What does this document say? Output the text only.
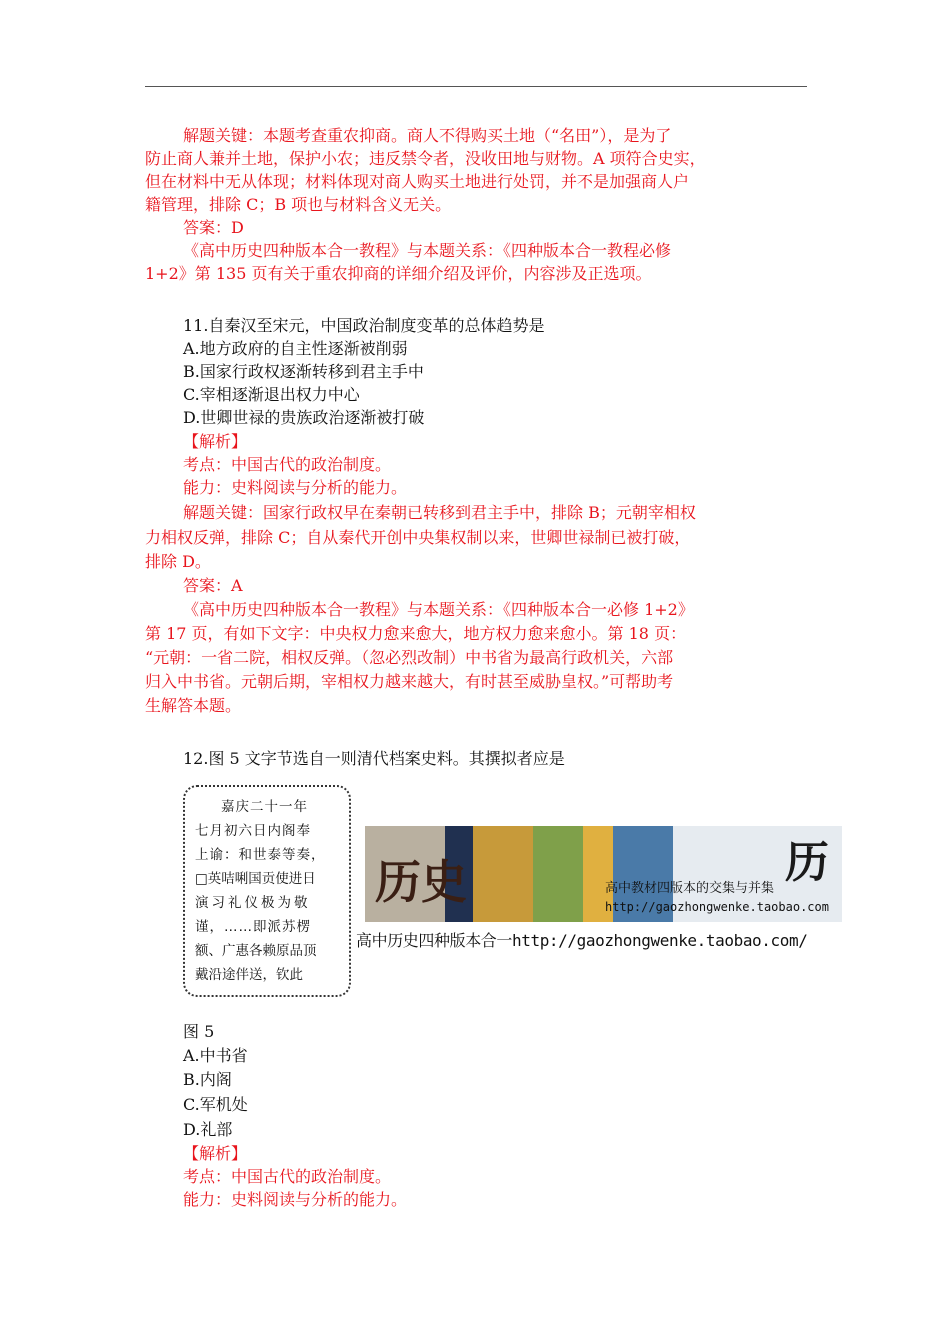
解题关键：本题考查重农抑商。商人不得购买土地（“名田”），是为了
防止商人兼并土地，保护小农；违反禁令者，没收田地与财物。A 项符合史实，
但在材料中无从体现；材料体现对商人购买土地进行处罚，并不是加强商人户
籍管理，排除 C；B 项也与材料含义无关。
答案：D
《高中历史四种版本合一教程》与本题关系：《四种版本合一教程必修
1+2》第 135 页有关于重农抑商的详细介绍及评价，内容涉及正选项。
11.自秦汉至宋元，中国政治制度变革的总体趋势是
A.地方政府的自主性逐渐被削弱
B.国家行政权逐渐转移到君主手中
C.宰相逐渐退出权力中心
D.世卿世禄的贵族政治逐渐被打破
【解析】
考点：中国古代的政治制度。
能力：史料阅读与分析的能力。
解题关键：国家行政权早在秦朝已转移到君主手中，排除 B；元朝宰相权
力相权反弹，排除 C；自从秦代开创中央集权制以来，世卿世禄制已被打破，
排除 D。
答案：A
《高中历史四种版本合一教程》与本题关系：《四种版本合一必修 1+2》
第 17 页，有如下文字：中央权力愈来愈大，地方权力愈来愈小。第 18 页：
“元朝：一省二院，相权反弹。（忽必烈改制）中书省为最高行政机关，六部
归入中书省。元朝后期，宰相权力越来越大，有时甚至威胁皇权。”可帮助考
生解答本题。
12.图 5 文字节选自一则清代档案史料。其撰拟者应是
嘉庆二十一年
七月初六日内阁奉
上谕：和世泰等奏，
□英咭唎国贡使进日
演习礼仪极为敬
谨，……即派苏楞
额、广惠各赖原品顶
戴沿途伴送，钦此
历史	历
高中教材四版本的交集与并集
http://gaozhongwenke.taobao.com
高中历史四种版本合一http://gaozhongwenke.taobao.com/
图 5
A.中书省
B.内阁
C.军机处
D.礼部
【解析】
考点：中国古代的政治制度。
能力：史料阅读与分析的能力。
